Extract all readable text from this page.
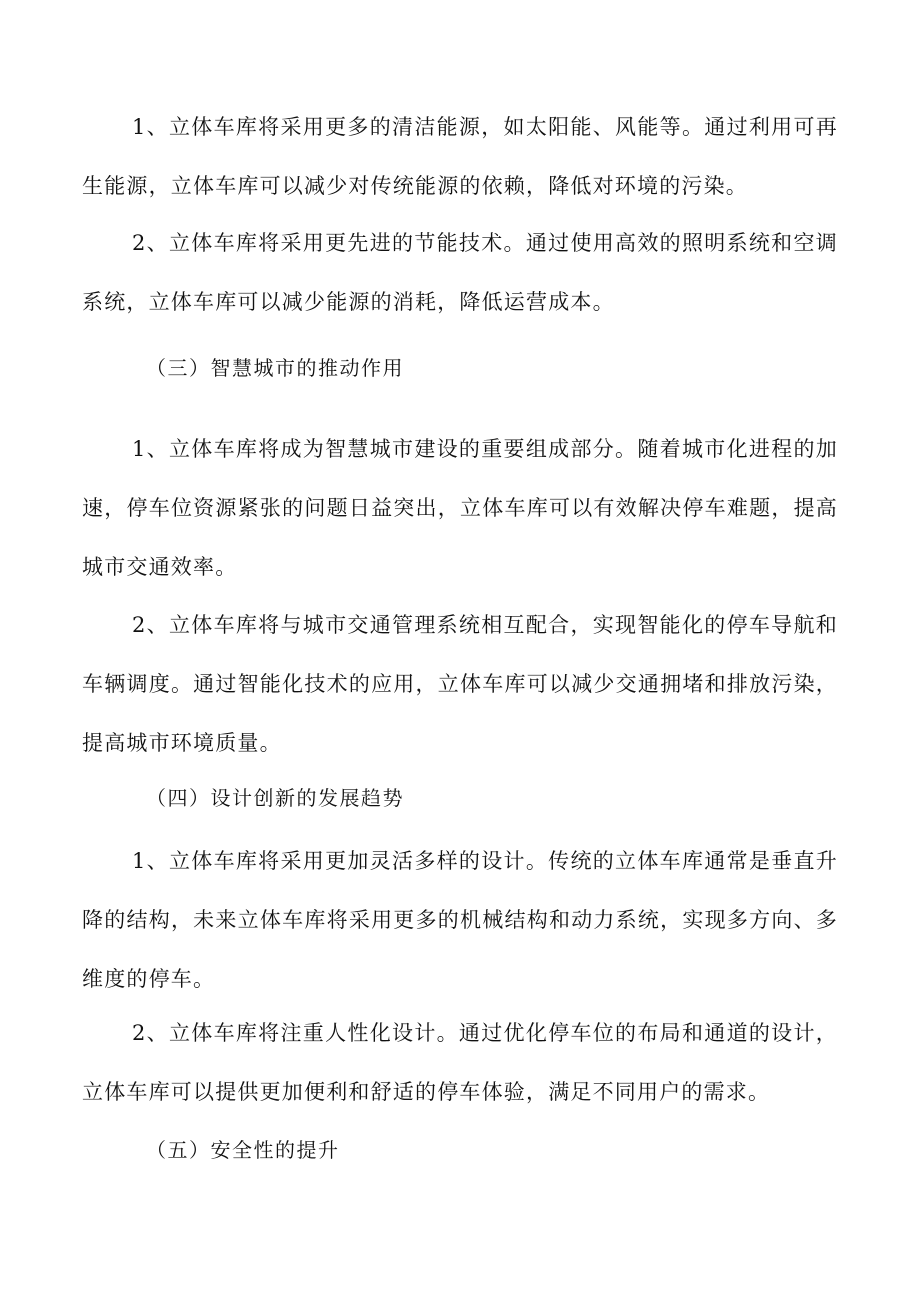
1、立体车库将采用更多的清洁能源，如太阳能、风能等。通过利用可再生能源，立体车库可以减少对传统能源的依赖，降低对环境的污染。

2、立体车库将采用更先进的节能技术。通过使用高效的照明系统和空调系统，立体车库可以减少能源的消耗，降低运营成本。

（三）智慧城市的推动作用

1、立体车库将成为智慧城市建设的重要组成部分。随着城市化进程的加速，停车位资源紧张的问题日益突出，立体车库可以有效解决停车难题，提高城市交通效率。

2、立体车库将与城市交通管理系统相互配合，实现智能化的停车导航和车辆调度。通过智能化技术的应用，立体车库可以减少交通拥堵和排放污染，提高城市环境质量。

（四）设计创新的发展趋势

1、立体车库将采用更加灵活多样的设计。传统的立体车库通常是垂直升降的结构，未来立体车库将采用更多的机械结构和动力系统，实现多方向、多维度的停车。

2、立体车库将注重人性化设计。通过优化停车位的布局和通道的设计，立体车库可以提供更加便利和舒适的停车体验，满足不同用户的需求。

（五）安全性的提升
